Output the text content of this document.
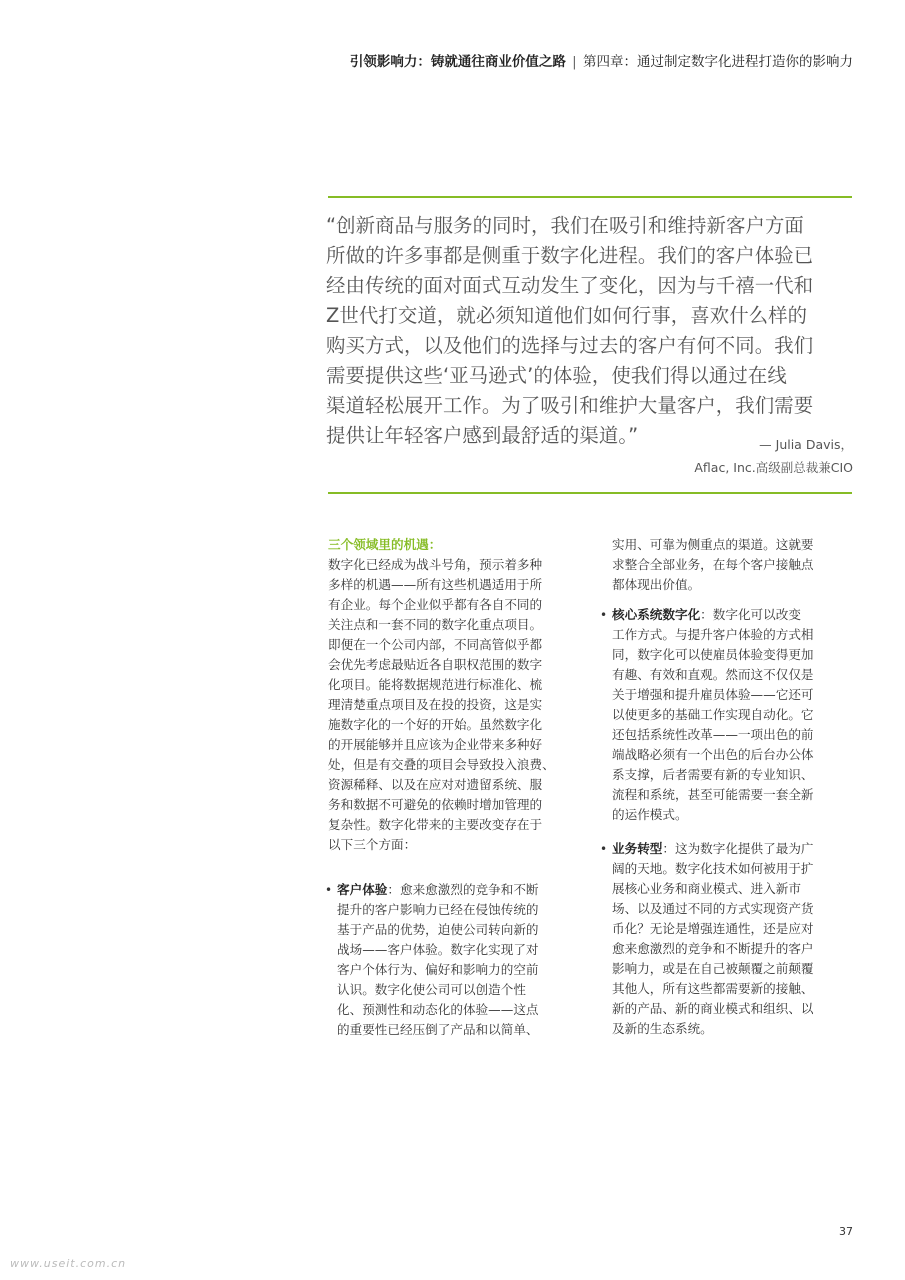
引领影响力：铸就通往商业价值之路 | 第四章：通过制定数字化进程打造你的影响力
“创新商品与服务的同时，我们在吸引和维持新客户方面
所做的许多事都是侧重于数字化进程。我们的客户体验已
经由传统的面对面式互动发生了变化，因为与千禧一代和
Z世代打交道，就必须知道他们如何行事，喜欢什么样的
购买方式，以及他们的选择与过去的客户有何不同。我们
需要提供这些‘亚马逊式’的体验，使我们得以通过在线
渠道轻松展开工作。为了吸引和维护大量客户，我们需要
提供让年轻客户感到最舒适的渠道。”	— Julia Davis，
Aflac, Inc.高级副总裁兼CIO
三个领域里的机遇：
数字化已经成为战斗号角，预示着多种
多样的机遇——所有这些机遇适用于所
有企业。每个企业似乎都有各自不同的
关注点和一套不同的数字化重点项目。
即便在一个公司内部，不同高管似乎都
会优先考虑最贴近各自职权范围的数字
化项目。能将数据规范进行标准化、梳
理清楚重点项目及在投的投资，这是实
施数字化的一个好的开始。虽然数字化
的开展能够并且应该为企业带来多种好
处，但是有交叠的项目会导致投入浪费、
资源稀释、以及在应对对遗留系统、服
务和数据不可避免的依赖时增加管理的
复杂性。数字化带来的主要改变存在于
以下三个方面：
• 客户体验：愈来愈激烈的竞争和不断
提升的客户影响力已经在侵蚀传统的
基于产品的优势，迫使公司转向新的
战场——客户体验。数字化实现了对
客户个体行为、偏好和影响力的空前
认识。数字化使公司可以创造个性
化、预测性和动态化的体验——这点
的重要性已经压倒了产品和以简单、
实用、可靠为侧重点的渠道。这就要
求整合全部业务，在每个客户接触点
都体现出价值。
• 核心系统数字化：数字化可以改变
工作方式。与提升客户体验的方式相
同，数字化可以使雇员体验变得更加
有趣、有效和直观。然而这不仅仅是
关于增强和提升雇员体验——它还可
以使更多的基础工作实现自动化。它
还包括系统性改革——一项出色的前
端战略必须有一个出色的后台办公体
系支撑，后者需要有新的专业知识、
流程和系统，甚至可能需要一套全新
的运作模式。
• 业务转型：这为数字化提供了最为广
阔的天地。数字化技术如何被用于扩
展核心业务和商业模式、进入新市
场、以及通过不同的方式实现资产货
币化？无论是增强连通性，还是应对
愈来愈激烈的竞争和不断提升的客户
影响力，或是在自己被颠覆之前颠覆
其他人，所有这些都需要新的接触、
新的产品、新的商业模式和组织、以
及新的生态系统。
37
www.useit.com.cn
